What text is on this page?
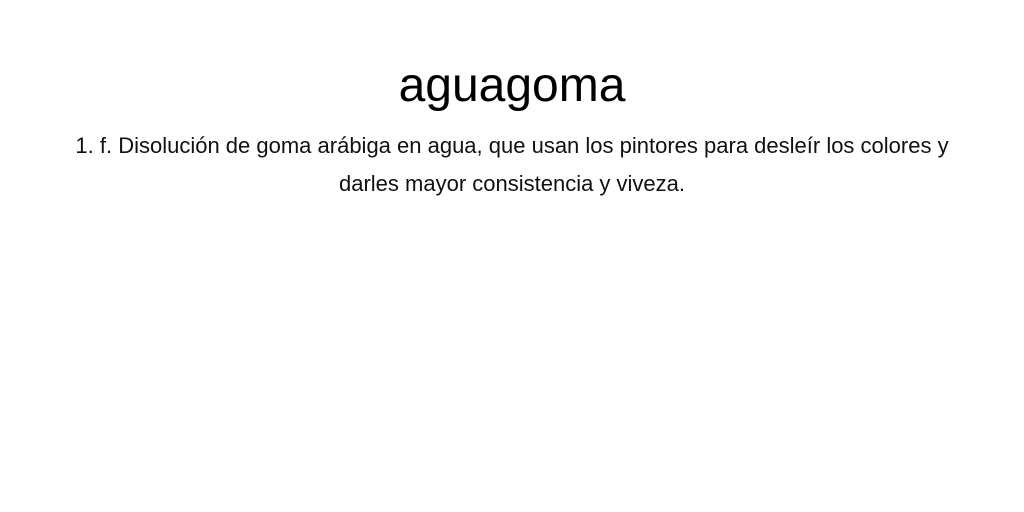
aguagoma

1. f. Disolución de goma arábiga en agua, que usan los pintores para desleír los colores y darles mayor consistencia y viveza.
